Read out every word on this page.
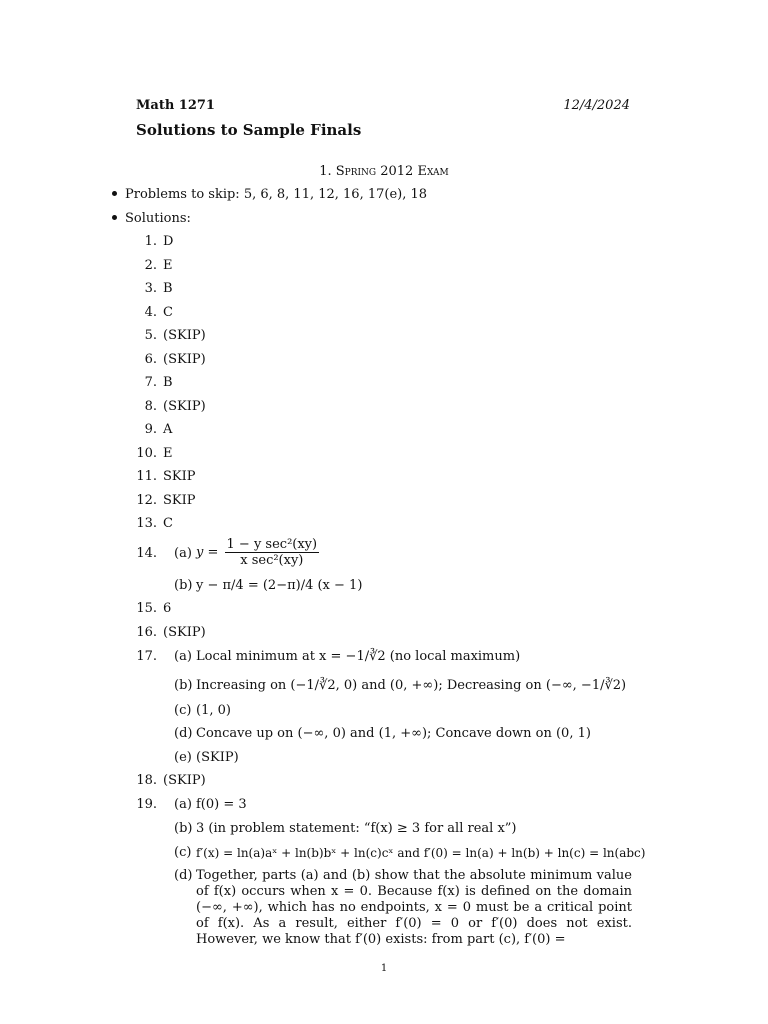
Math 1271	12/4/2024
Solutions to Sample Finals
1. Spring 2012 Exam
Problems to skip: 5, 6, 8, 11, 12, 16, 17(e), 18
Solutions:
1. D
2. E
3. B
4. C
5. (SKIP)
6. (SKIP)
7. B
8. (SKIP)
9. A
10. E
11. SKIP
12. SKIP
13. C
14. (a) $y = \frac{\text{1 − y sec²(xy)}}{\text{x sec²(xy)}}$
(b) y − π/4 = (2−π)/4 (x − 1)
15. 6
16. (SKIP)
17. (a) Local minimum at x = −1/∛2 (no local maximum)
(b) Increasing on (−1/∛2, 0) and (0, +∞); Decreasing on (−∞, −1/∛2)
(c) (1, 0)
(d) Concave up on (−∞, 0) and (1, +∞); Concave down on (0, 1)
(e) (SKIP)
18. (SKIP)
19. (a) f(0) = 3
(b) 3 (in problem statement: “f(x) ≥ 3 for all real x”)
(c) f′(x) = ln(a)aˣ + ln(b)bˣ + ln(c)cˣ and f′(0) = ln(a) + ln(b) + ln(c) = ln(abc)
(d) Together, parts (a) and (b) show that the absolute minimum value of f(x) occurs when x = 0. Because f(x) is defined on the domain (−∞, +∞), which has no endpoints, x = 0 must be a critical point of f(x). As a result, either f′(0) = 0 or f′(0) does not exist. However, we know that f′(0) exists: from part (c), f′(0) =
1
